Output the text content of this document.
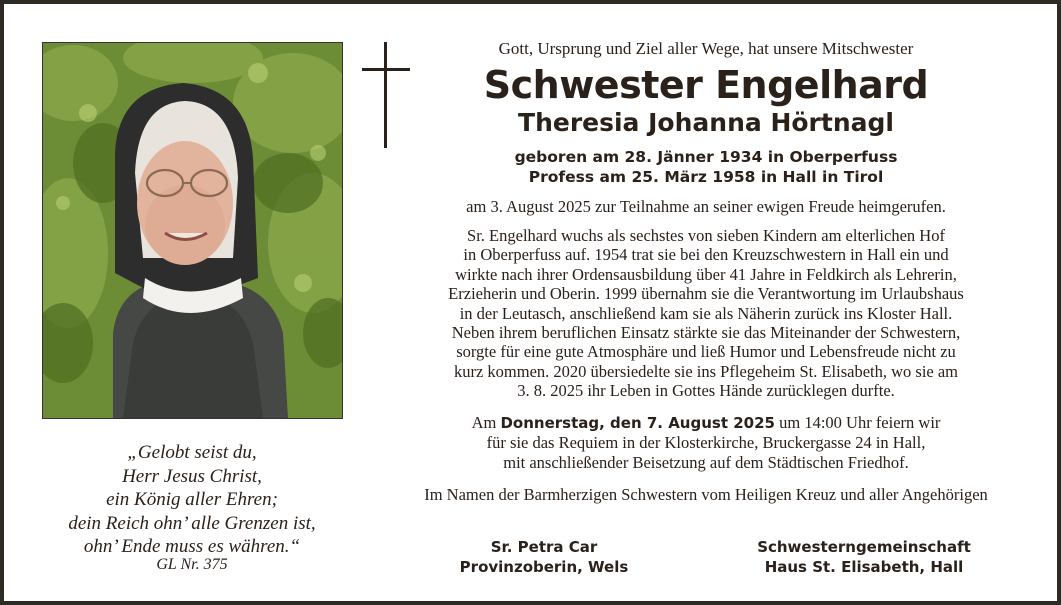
„Gelobt seist du,
Herr Jesus Christ,
ein König aller Ehren;
dein Reich ohn’ alle Grenzen ist,
ohn’ Ende muss es währen.“
GL Nr. 375

Gott, Ursprung und Ziel aller Wege, hat unsere Mitschwester

Schwester Engelhard

Theresia Johanna Hörtnagl

geboren am 28. Jänner 1934 in Oberperfuss
Profess am 25. März 1958 in Hall in Tirol

am 3. August 2025 zur Teilnahme an seiner ewigen Freude heimgerufen.

Sr. Engelhard wuchs als sechstes von sieben Kindern am elterlichen Hof
in Oberperfuss auf. 1954 trat sie bei den Kreuzschwestern in Hall ein und
wirkte nach ihrer Ordensausbildung über 41 Jahre in Feldkirch als Lehrerin,
Erzieherin und Oberin. 1999 übernahm sie die Verantwortung im Urlaubshaus
in der Leutasch, anschließend kam sie als Näherin zurück ins Kloster Hall.
Neben ihrem beruflichen Einsatz stärkte sie das Miteinander der Schwestern,
sorgte für eine gute Atmosphäre und ließ Humor und Lebensfreude nicht zu
kurz kommen. 2020 übersiedelte sie ins Pflegeheim St. Elisabeth, wo sie am
3. 8. 2025 ihr Leben in Gottes Hände zurücklegen durfte.

Am Donnerstag, den 7. August 2025 um 14:00 Uhr feiern wir
für sie das Requiem in der Klosterkirche, Bruckergasse 24 in Hall,
mit anschließender Beisetzung auf dem Städtischen Friedhof.

Im Namen der Barmherzigen Schwestern vom Heiligen Kreuz und aller Angehörigen

Sr. Petra Car
Provinzoberin, Wels
Schwesterngemeinschaft
Haus St. Elisabeth, Hall
